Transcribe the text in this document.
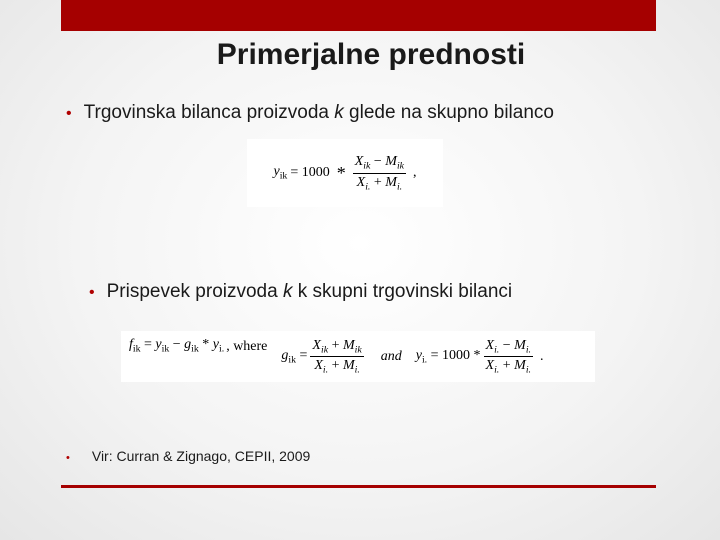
Primerjalne prednosti
• Trgovinska bilanca proizvoda k glede na skupno bilanco
$y_{ik} = 1000 * \frac{X_{ik} - M_{ik}}{X_{i.} + M_{i.}}$ ,
• Prispevek proizvoda k k skupni trgovinski bilanci
$f_{ik} = y_{ik} - g_{ik} * y_{i.}$ , where
$g_{ik} = \frac{X_{ik} + M_{ik}}{X_{i.} + M_{i.}}$ and $y_{i.} = 1000 * \frac{X_{i.} - M_{i.}}{X_{i.} + M_{i.}}$ .
• Vir: Curran & Zignago, CEPII, 2009
